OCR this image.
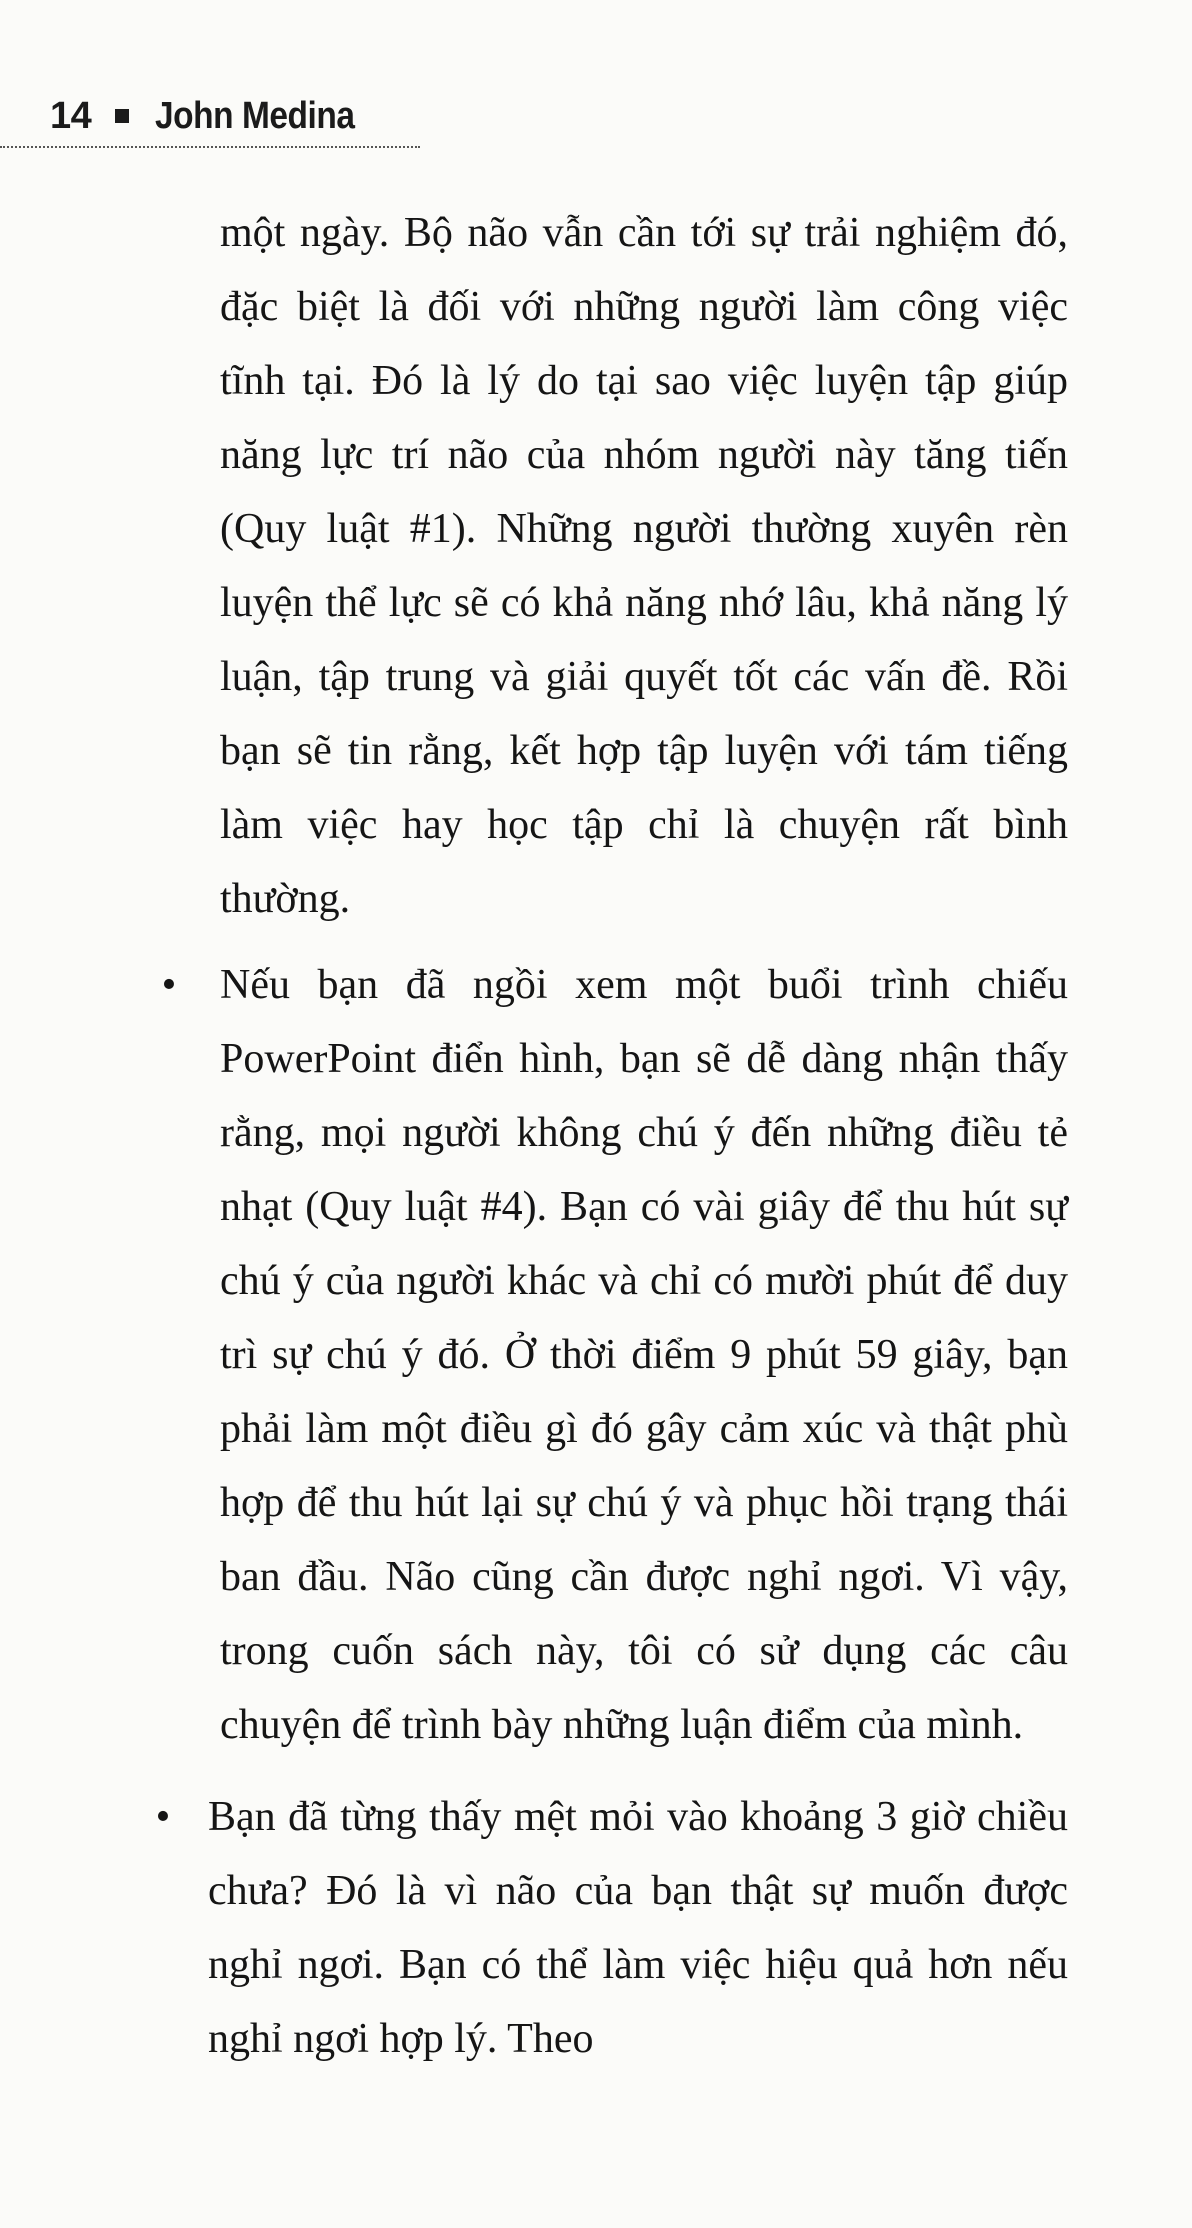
14 John Medina
một ngày. Bộ não vẫn cần tới sự trải nghiệm đó, đặc biệt là đối với những người làm công việc tĩnh tại. Đó là lý do tại sao việc luyện tập giúp năng lực trí não của nhóm người này tăng tiến (Quy luật #1). Những người thường xuyên rèn luyện thể lực sẽ có khả năng nhớ lâu, khả năng lý luận, tập trung và giải quyết tốt các vấn đề. Rồi bạn sẽ tin rằng, kết hợp tập luyện với tám tiếng làm việc hay học tập chỉ là chuyện rất bình thường.
• Nếu bạn đã ngồi xem một buổi trình chiếu PowerPoint điển hình, bạn sẽ dễ dàng nhận thấy rằng, mọi người không chú ý đến những điều tẻ nhạt (Quy luật #4). Bạn có vài giây để thu hút sự chú ý của người khác và chỉ có mười phút để duy trì sự chú ý đó. Ở thời điểm 9 phút 59 giây, bạn phải làm một điều gì đó gây cảm xúc và thật phù hợp để thu hút lại sự chú ý và phục hồi trạng thái ban đầu. Não cũng cần được nghỉ ngơi. Vì vậy, trong cuốn sách này, tôi có sử dụng các câu chuyện để trình bày những luận điểm của mình.
• Bạn đã từng thấy mệt mỏi vào khoảng 3 giờ chiều chưa? Đó là vì não của bạn thật sự muốn được nghỉ ngơi. Bạn có thể làm việc hiệu quả hơn nếu nghỉ ngơi hợp lý. Theo
